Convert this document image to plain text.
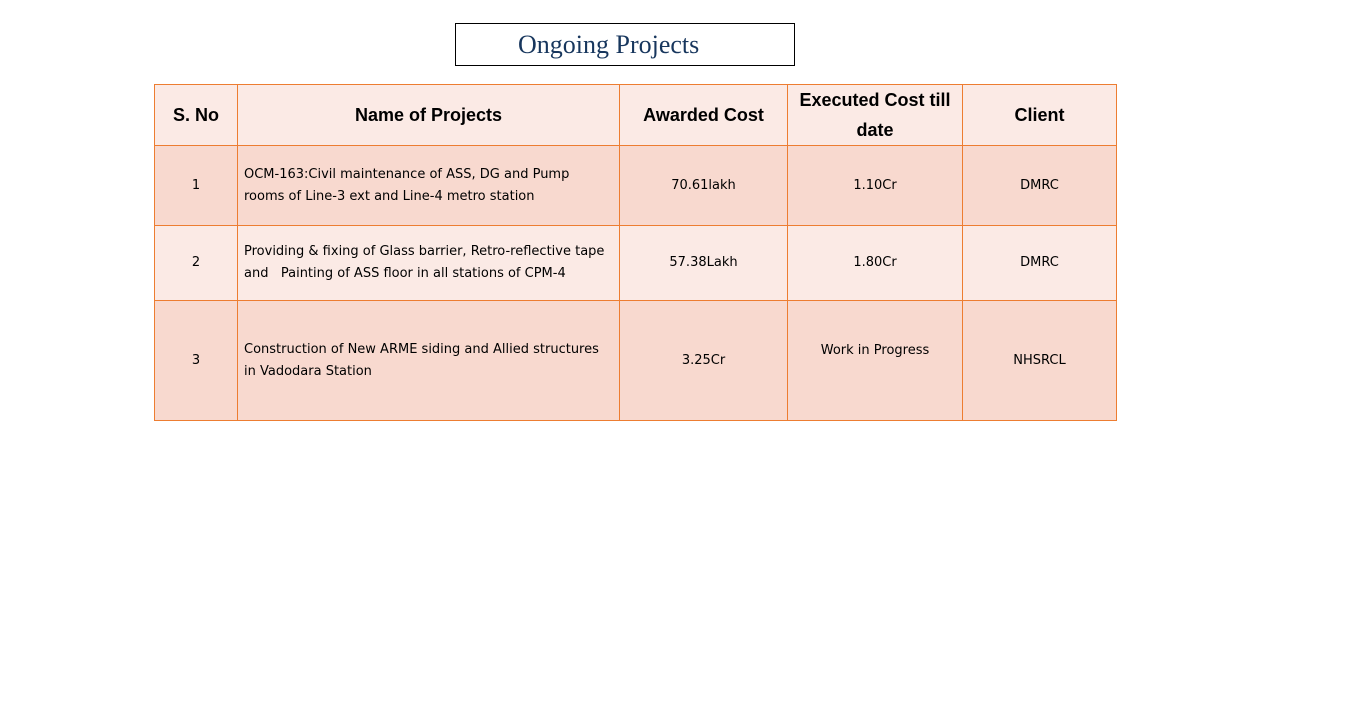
Ongoing Projects
S. No	Name of Projects	Awarded Cost	Executed Cost till date	Client
1	OCM-163:Civil maintenance of ASS, DG and Pump rooms of Line-3 ext and Line-4 metro station	70.61lakh	1.10Cr	DMRC
2	Providing & fixing of Glass barrier, Retro-reflective tape and   Painting of ASS floor in all stations of CPM-4	57.38Lakh	1.80Cr	DMRC
3	Construction of New ARME siding and Allied structures in Vadodara Station	3.25Cr	Work in Progress	NHSRCL
